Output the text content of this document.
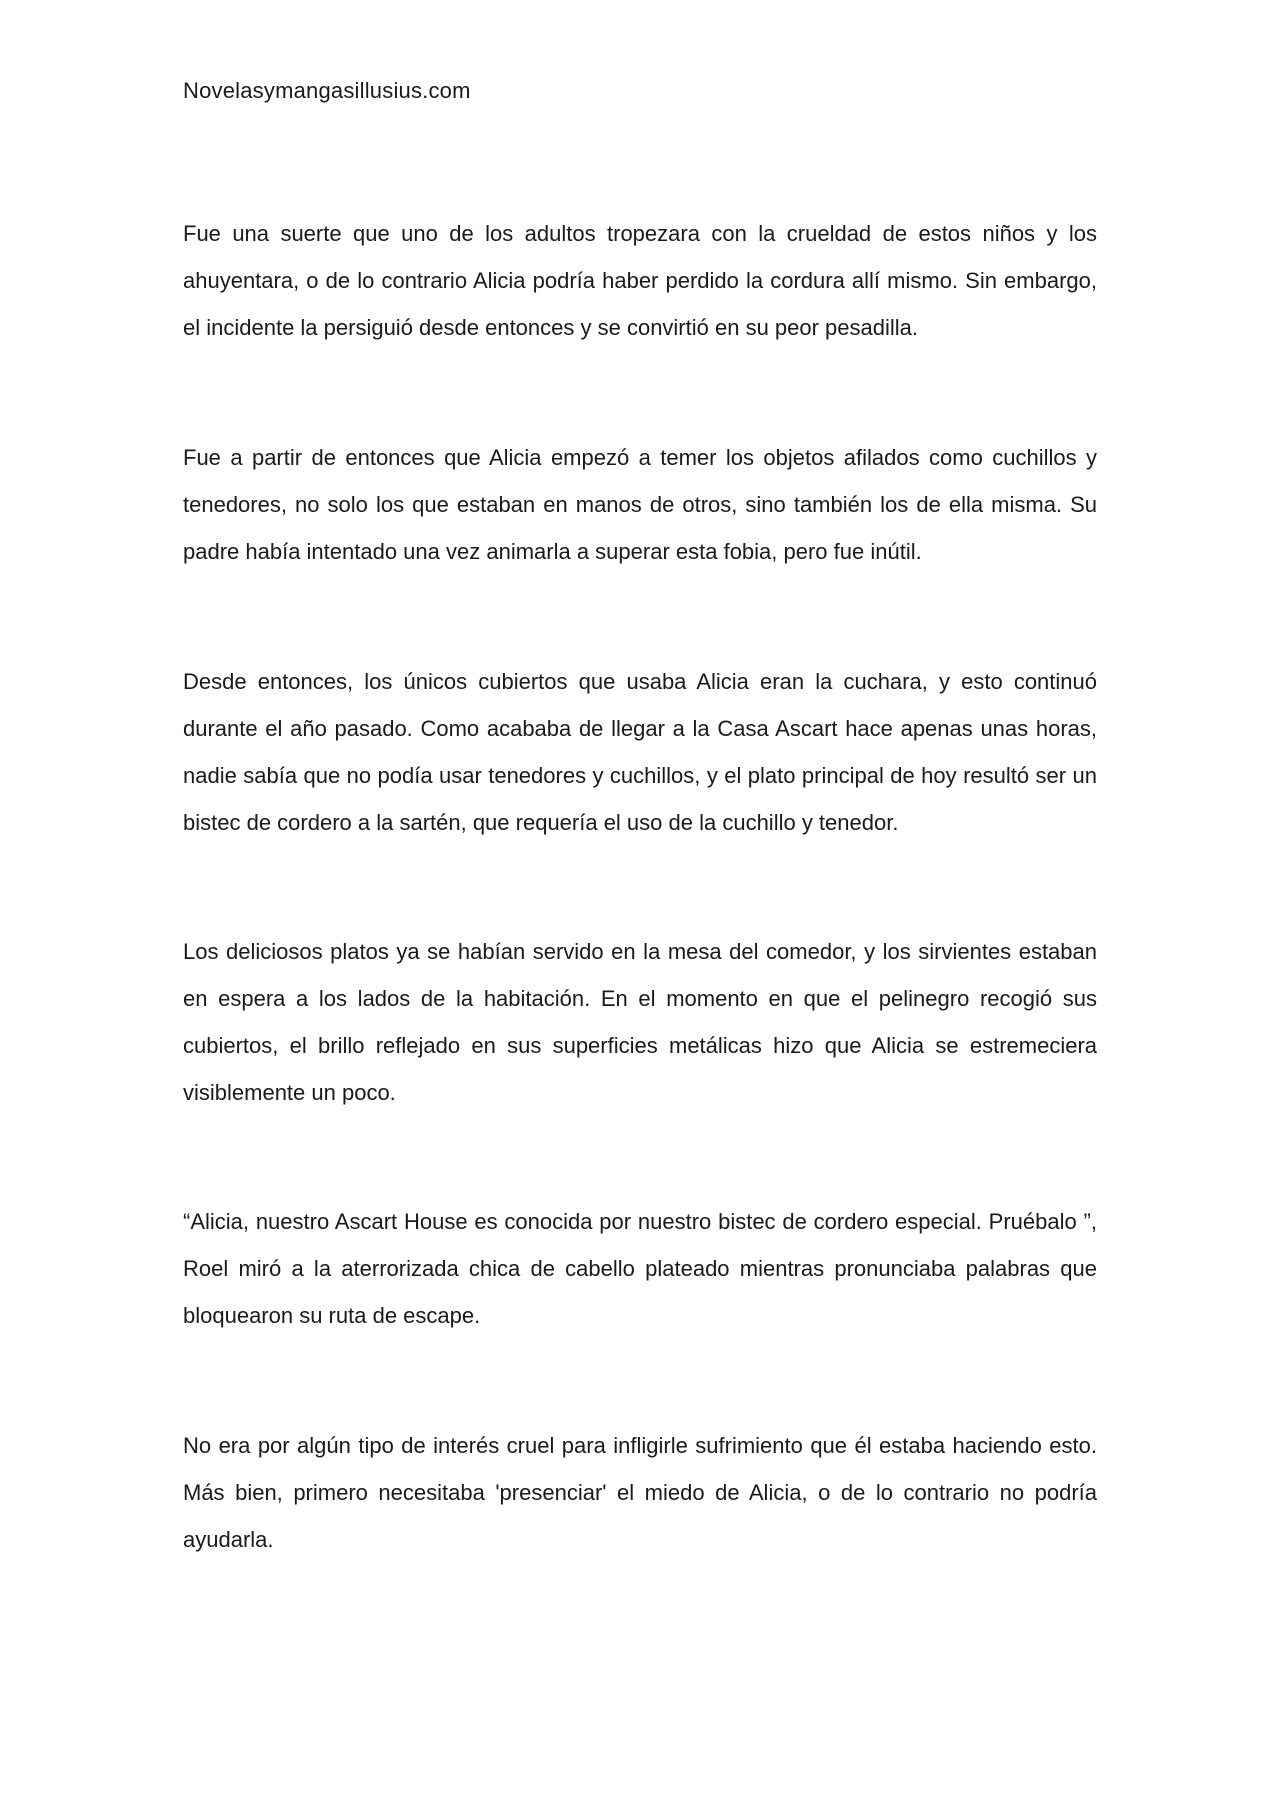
Novelasymangasillusius.com

Fue una suerte que uno de los adultos tropezara con la crueldad de estos niños y los ahuyentara, o de lo contrario Alicia podría haber perdido la cordura allí mismo. Sin embargo, el incidente la persiguió desde entonces y se convirtió en su peor pesadilla.

Fue a partir de entonces que Alicia empezó a temer los objetos afilados como cuchillos y tenedores, no solo los que estaban en manos de otros, sino también los de ella misma. Su padre había intentado una vez animarla a superar esta fobia, pero fue inútil.

Desde entonces, los únicos cubiertos que usaba Alicia eran la cuchara, y esto continuó durante el año pasado. Como acababa de llegar a la Casa Ascart hace apenas unas horas, nadie sabía que no podía usar tenedores y cuchillos, y el plato principal de hoy resultó ser un bistec de cordero a la sartén, que requería el uso de la cuchillo y tenedor.

Los deliciosos platos ya se habían servido en la mesa del comedor, y los sirvientes estaban en espera a los lados de la habitación. En el momento en que el pelinegro recogió sus cubiertos, el brillo reflejado en sus superficies metálicas hizo que Alicia se estremeciera visiblemente un poco.

“Alicia, nuestro Ascart House es conocida por nuestro bistec de cordero especial. Pruébalo ”, Roel miró a la aterrorizada chica de cabello plateado mientras pronunciaba palabras que bloquearon su ruta de escape.

No era por algún tipo de interés cruel para infligirle sufrimiento que él estaba haciendo esto. Más bien, primero necesitaba 'presenciar' el miedo de Alicia, o de lo contrario no podría ayudarla.
